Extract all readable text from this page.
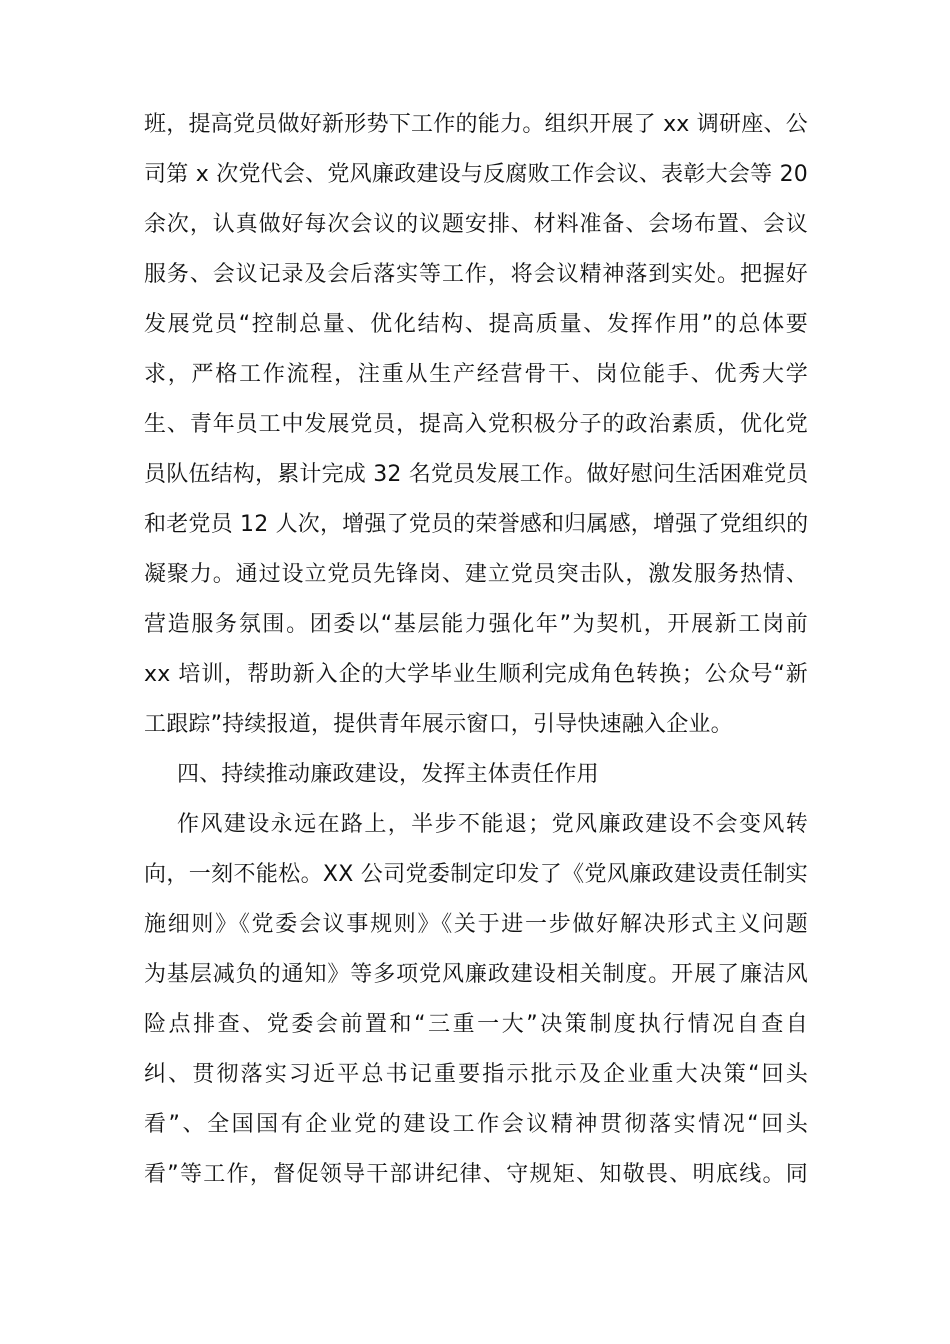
班，提高党员做好新形势下工作的能力。组织开展了 xx 调研座、公
司第 x 次党代会、党风廉政建设与反腐败工作会议、表彰大会等 20
余次，认真做好每次会议的议题安排、材料准备、会场布置、会议
服务、会议记录及会后落实等工作，将会议精神落到实处。把握好
发展党员“控制总量、优化结构、提高质量、发挥作用”的总体要
求，严格工作流程，注重从生产经营骨干、岗位能手、优秀大学
生、青年员工中发展党员，提高入党积极分子的政治素质，优化党
员队伍结构，累计完成 32 名党员发展工作。做好慰问生活困难党员
和老党员 12 人次，增强了党员的荣誉感和归属感，增强了党组织的
凝聚力。通过设立党员先锋岗、建立党员突击队，激发服务热情、
营造服务氛围。团委以“基层能力强化年”为契机，开展新工岗前
xx 培训，帮助新入企的大学毕业生顺利完成角色转换；公众号“新
工跟踪”持续报道，提供青年展示窗口，引导快速融入企业。
四、持续推动廉政建设，发挥主体责任作用
作风建设永远在路上，半步不能退；党风廉政建设不会变风转
向，一刻不能松。XX 公司党委制定印发了《党风廉政建设责任制实
施细则》《党委会议事规则》《关于进一步做好解决形式主义问题
为基层减负的通知》等多项党风廉政建设相关制度。开展了廉洁风
险点排查、党委会前置和“三重一大”决策制度执行情况自查自
纠、贯彻落实习近平总书记重要指示批示及企业重大决策“回头
看”、全国国有企业党的建设工作会议精神贯彻落实情况“回头
看”等工作，督促领导干部讲纪律、守规矩、知敬畏、明底线。同
